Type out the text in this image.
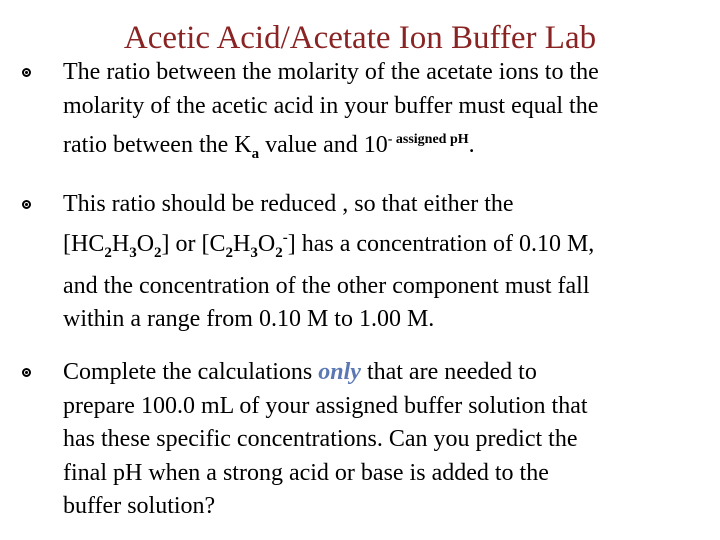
Acetic Acid/Acetate Ion Buffer Lab
The ratio between the molarity of the acetate ions to the
molarity of the acetic acid in your buffer must equal the
ratio between the $K_a$ value and $10^{- assigned pH}$.
This ratio should be reduced , so that either the
$[HC_2H_3O_2]$ or $[C_2H_3O_2^-]$ has a concentration of 0.10 M,
and the concentration of the other component must fall
within a range from 0.10 M to 1.00 M.
Complete the calculations only that are needed to
prepare 100.0 mL of your assigned buffer solution that
has these specific concentrations. Can you predict the
final pH when a strong acid or base is added to the
buffer solution?
